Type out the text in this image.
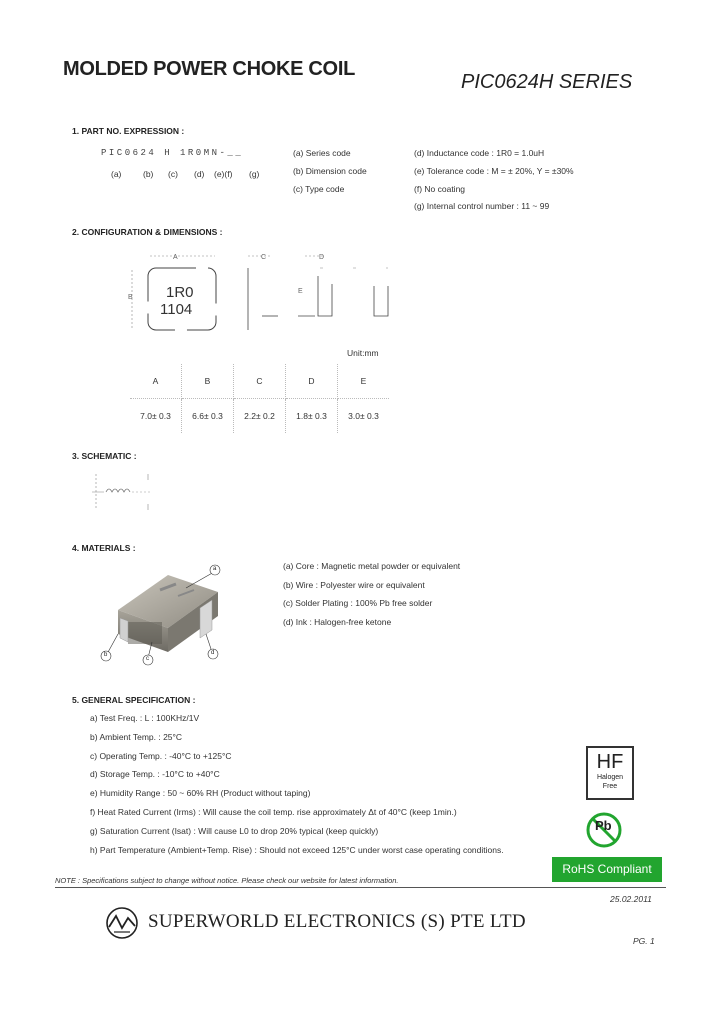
MOLDED POWER CHOKE COIL
PIC0624H SERIES
1. PART NO. EXPRESSION :
PIC0624 H 1R0MN-__
(a)	(b) (c) (d) (e)(f) (g)
(a) Series code
(b) Dimension code
(c) Type code
(d) Inductance code : 1R0 = 1.0uH
(e) Tolerance code : M = ± 20%, Y = ±30%
(f) No coating
(g) Internal control number : 11 ~ 99
2. CONFIGURATION & DIMENSIONS :
A
B
C	D
E
1R0
1104
Unit:mm
A	B	C	D	E
7.0± 0.3	6.6± 0.3	2.2± 0.2	1.8± 0.3	3.0± 0.3
3. SCHEMATIC :
4. MATERIALS :
a
b
c
d
(a) Core : Magnetic metal powder or equivalent
(b) Wire : Polyester wire or equivalent
(c) Solder Plating : 100% Pb free solder
(d) Ink : Halogen-free ketone
5. GENERAL SPECIFICATION :
a) Test Freq. : L : 100KHz/1V
b) Ambient Temp. : 25°C
c) Operating Temp. : -40°C to +125°C
d) Storage Temp. : -10°C to +40°C
e) Humidity Range : 50 ~ 60% RH (Product without taping)
f) Heat Rated Current (Irms) : Will cause the coil temp. rise approximately Δt of 40°C (keep 1min.)
g) Saturation Current (Isat) : Will cause L0 to drop 20% typical (keep quickly)
h) Part Temperature (Ambient+Temp. Rise) : Should not exceed 125°C under worst case operating conditions.
HF
Halogen
Free
Pb
RoHS Compliant
NOTE : Specifications subject to change without notice. Please check our website for latest information.
25.02.2011
SUPERWORLD ELECTRONICS (S) PTE LTD
PG. 1
